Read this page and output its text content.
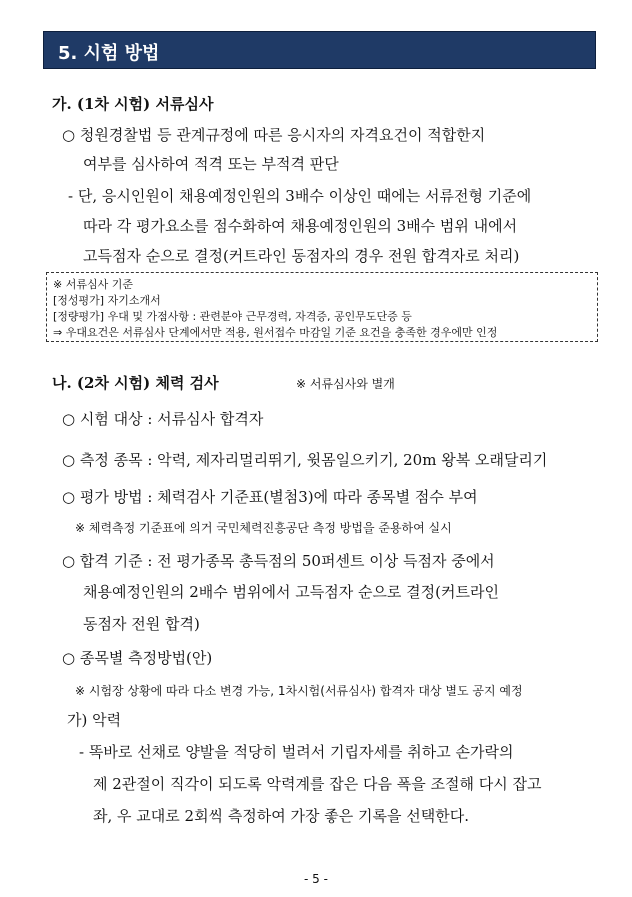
5. 시험 방법
가. (1차 시험) 서류심사
○ 청원경찰법 등 관계규정에 따른 응시자의 자격요건이 적합한지
여부를 심사하여 적격 또는 부적격 판단
- 단, 응시인원이 채용예정인원의 3배수 이상인 때에는 서류전형 기준에
따라 각 평가요소를 점수화하여 채용예정인원의 3배수 범위 내에서
고득점자 순으로 결정(커트라인 동점자의 경우 전원 합격자로 처리)
※ 서류심사 기준
[정성평가] 자기소개서
[정량평가] 우대 및 가점사항 : 관련분야 근무경력, 자격증, 공인무도단증 등
⇒ 우대요건은 서류심사 단계에서만 적용, 원서접수 마감일 기준 요건을 충족한 경우에만 인정
나. (2차 시험) 체력 검사	※ 서류심사와 별개
○ 시험 대상 : 서류심사 합격자
○ 측정 종목 : 악력, 제자리멀리뛰기, 윗몸일으키기, 20m 왕복 오래달리기
○ 평가 방법 : 체력검사 기준표(별첨3)에 따라 종목별 점수 부여
※ 체력측정 기준표에 의거 국민체력진흥공단 측정 방법을 준용하여 실시
○ 합격 기준 : 전 평가종목 총득점의 50퍼센트 이상 득점자 중에서
채용예정인원의 2배수 범위에서 고득점자 순으로 결정(커트라인
동점자 전원 합격)
○ 종목별 측정방법(안)
※ 시험장 상황에 따라 다소 변경 가능, 1차시험(서류심사) 합격자 대상 별도 공지 예정
가) 악력
- 똑바로 선채로 양발을 적당히 벌려서 기립자세를 취하고 손가락의
제 2관절이 직각이 되도록 악력계를 잡은 다음 폭을 조절해 다시 잡고
좌, 우 교대로 2회씩 측정하여 가장 좋은 기록을 선택한다.
- 5 -
